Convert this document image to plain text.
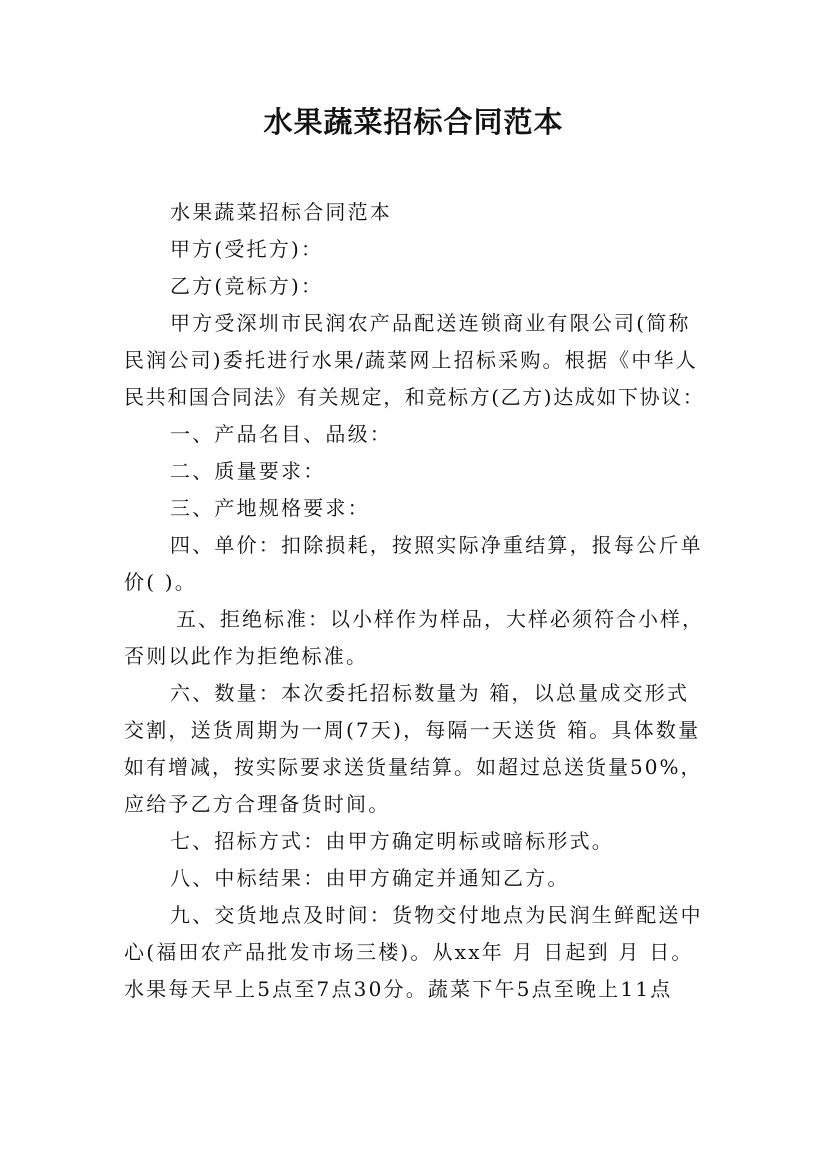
水果蔬菜招标合同范本
水果蔬菜招标合同范本
甲方(受托方)：
乙方(竞标方)：
甲方受深圳市民润农产品配送连锁商业有限公司(简称
民润公司)委托进行水果/蔬菜网上招标采购。根据《中华人
民共和国合同法》有关规定，和竞标方(乙方)达成如下协议：
一、产品名目、品级：
二、质量要求：
三、产地规格要求：
四、单价：扣除损耗，按照实际净重结算，报每公斤单
价( )。
五、拒绝标准：以小样作为样品，大样必须符合小样，
否则以此作为拒绝标准。
六、数量：本次委托招标数量为 箱，以总量成交形式
交割，送货周期为一周(7天)，每隔一天送货 箱。具体数量
如有增减，按实际要求送货量结算。如超过总送货量50%，
应给予乙方合理备货时间。
七、招标方式：由甲方确定明标或暗标形式。
八、中标结果：由甲方确定并通知乙方。
九、交货地点及时间：货物交付地点为民润生鲜配送中
心(福田农产品批发市场三楼)。从xx年 月 日起到 月 日。
水果每天早上5点至7点30分。蔬菜下午5点至晚上11点
